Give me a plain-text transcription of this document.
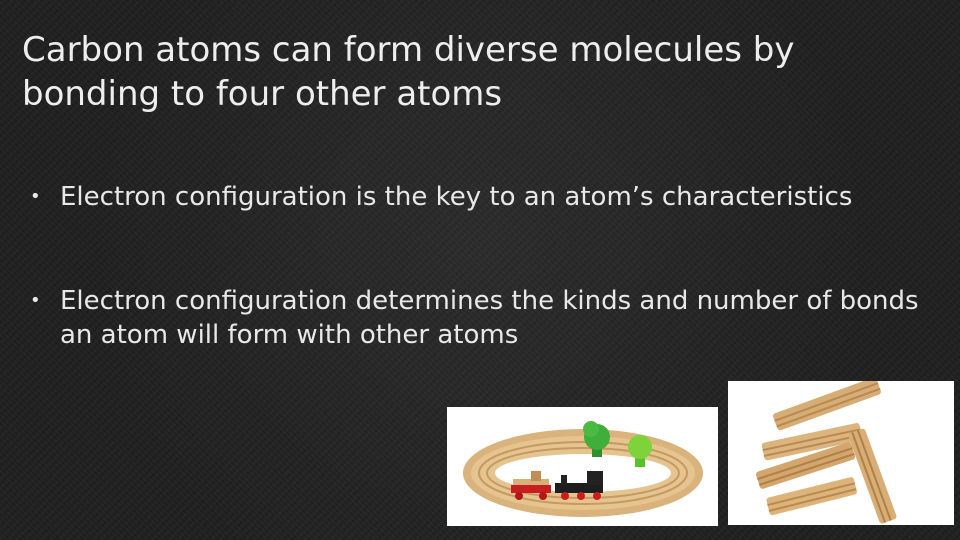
Carbon atoms can form diverse molecules by bonding to four other atoms
• Electron configuration is the key to an atom’s characteristics
• Electron configuration determines the kinds and number of bonds an atom will form with other atoms
